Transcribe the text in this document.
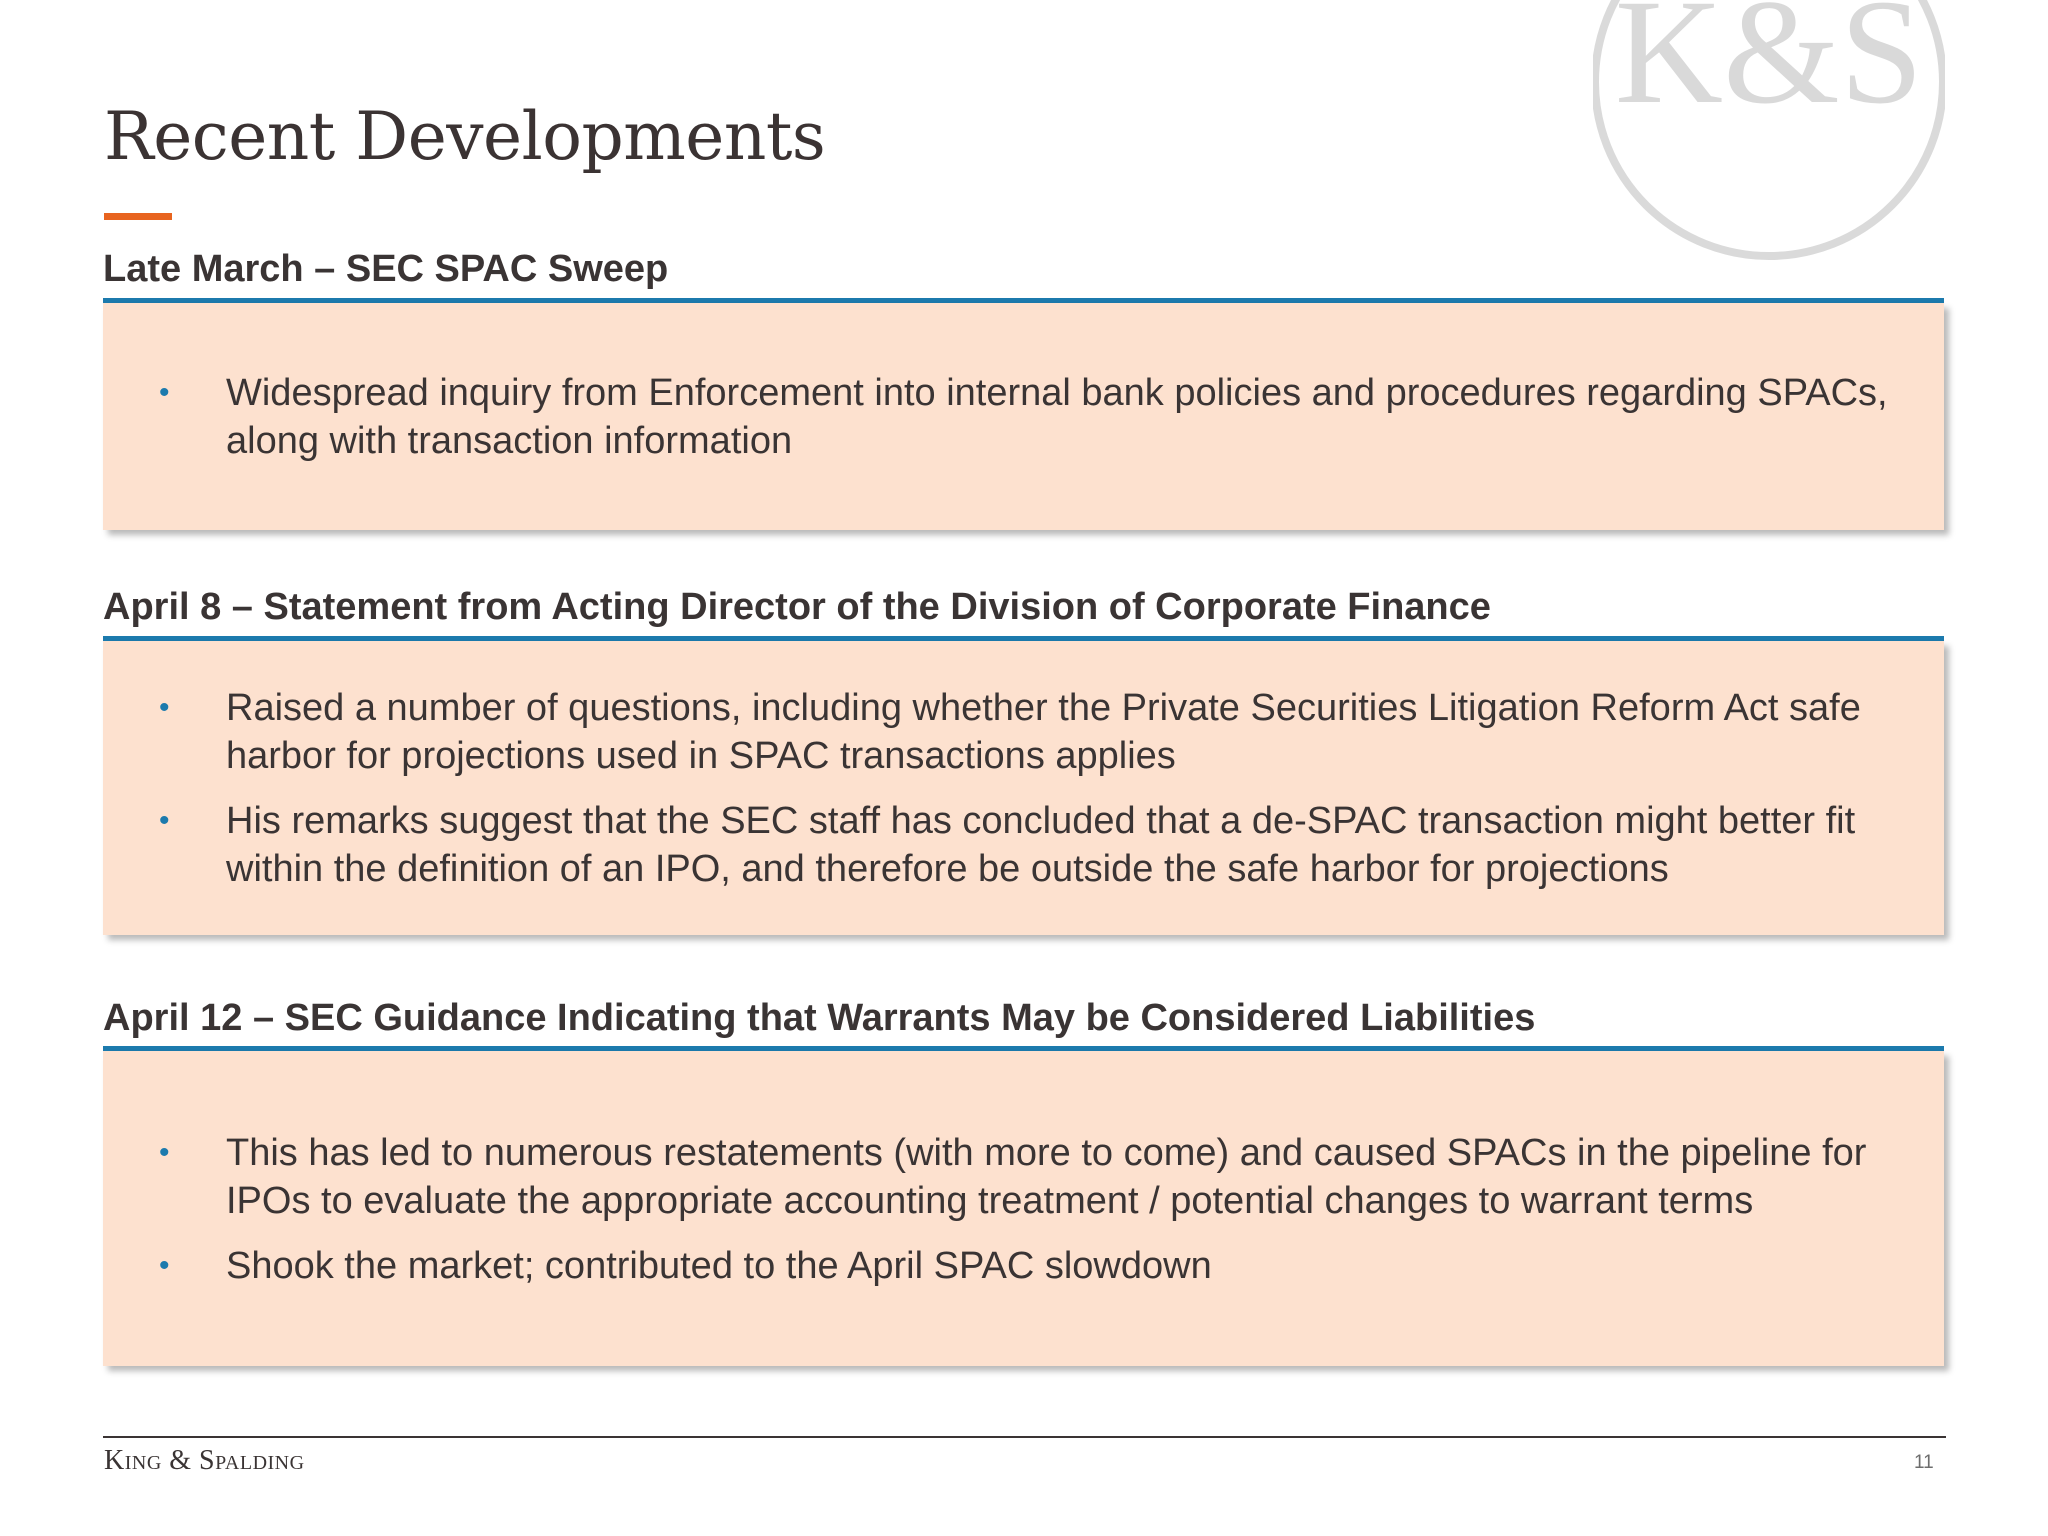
K&S
Recent Developments
Late March – SEC SPAC Sweep
• Widespread inquiry from Enforcement into internal bank policies and procedures regarding SPACs, along with transaction information
April 8 – Statement from Acting Director of the Division of Corporate Finance
• Raised a number of questions, including whether the Private Securities Litigation Reform Act safe harbor for projections used in SPAC transactions applies
• His remarks suggest that the SEC staff has concluded that a de-SPAC transaction might better fit within the definition of an IPO, and therefore be outside the safe harbor for projections
April 12 – SEC Guidance Indicating that Warrants May be Considered Liabilities
• This has led to numerous restatements (with more to come) and caused SPACs in the pipeline for IPOs to evaluate the appropriate accounting treatment / potential changes to warrant terms
• Shook the market; contributed to the April SPAC slowdown
King & Spalding	11
